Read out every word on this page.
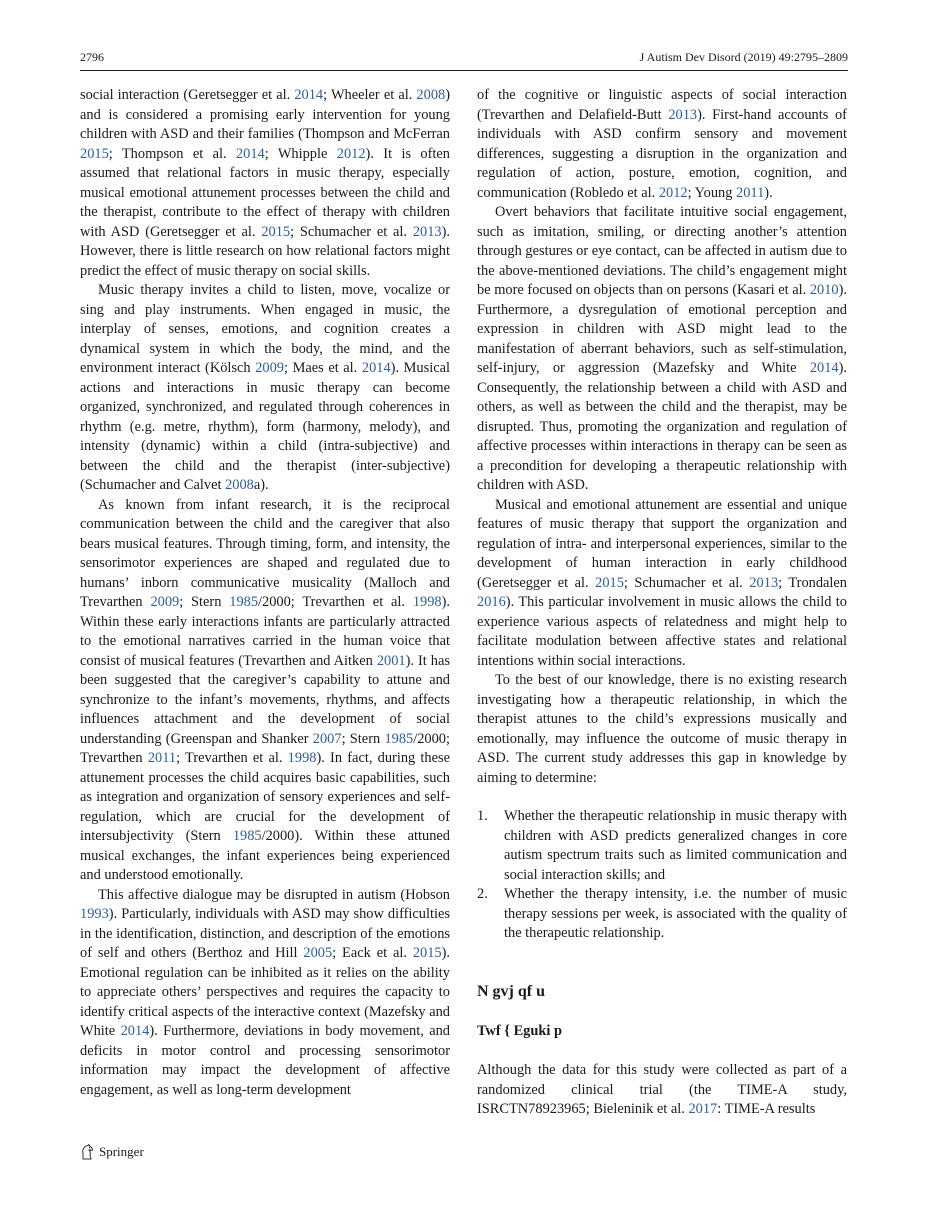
2796	J Autism Dev Disord (2019) 49:2795–2809

social interaction (Geretsegger et al. 2014; Wheeler et al. 2008) and is considered a promising early intervention for young children with ASD and their families (Thompson and McFerran 2015; Thompson et al. 2014; Whipple 2012). It is often assumed that relational factors in music therapy, especially musical emotional attunement processes between the child and the therapist, contribute to the effect of therapy with children with ASD (Geretsegger et al. 2015; Schumacher et al. 2013). However, there is little research on how relational factors might predict the effect of music therapy on social skills.

Music therapy invites a child to listen, move, vocalize or sing and play instruments. When engaged in music, the interplay of senses, emotions, and cognition creates a dynamical system in which the body, the mind, and the environment interact (Kölsch 2009; Maes et al. 2014). Musical actions and interactions in music therapy can become organized, synchronized, and regulated through coherences in rhythm (e.g. metre, rhythm), form (harmony, melody), and intensity (dynamic) within a child (intra-subjective) and between the child and the therapist (inter-subjective) (Schumacher and Calvet 2008a).

As known from infant research, it is the reciprocal communication between the child and the caregiver that also bears musical features. Through timing, form, and intensity, the sensorimotor experiences are shaped and regulated due to humans’ inborn communicative musicality (Malloch and Trevarthen 2009; Stern 1985/2000; Trevarthen et al. 1998). Within these early interactions infants are particularly attracted to the emotional narratives carried in the human voice that consist of musical features (Trevarthen and Aitken 2001). It has been suggested that the caregiver’s capability to attune and synchronize to the infant’s movements, rhythms, and affects influences attachment and the development of social understanding (Greenspan and Shanker 2007; Stern 1985/2000; Trevarthen 2011; Trevarthen et al. 1998). In fact, during these attunement processes the child acquires basic capabilities, such as integration and organization of sensory experiences and self-regulation, which are crucial for the development of intersubjectivity (Stern 1985/2000). Within these attuned musical exchanges, the infant experiences being experienced and understood emotionally.

This affective dialogue may be disrupted in autism (Hobson 1993). Particularly, individuals with ASD may show difficulties in the identification, distinction, and description of the emotions of self and others (Berthoz and Hill 2005; Eack et al. 2015). Emotional regulation can be inhibited as it relies on the ability to appreciate others’ perspectives and requires the capacity to identify critical aspects of the interactive context (Mazefsky and White 2014). Furthermore, deviations in body movement, and deficits in motor control and processing sensorimotor information may impact the development of affective engagement, as well as long-term development

of the cognitive or linguistic aspects of social interaction (Trevarthen and Delafield-Butt 2013). First-hand accounts of individuals with ASD confirm sensory and movement differences, suggesting a disruption in the organization and regulation of action, posture, emotion, cognition, and communication (Robledo et al. 2012; Young 2011).

Overt behaviors that facilitate intuitive social engagement, such as imitation, smiling, or directing another’s attention through gestures or eye contact, can be affected in autism due to the above-mentioned deviations. The child’s engagement might be more focused on objects than on persons (Kasari et al. 2010). Furthermore, a dysregulation of emotional perception and expression in children with ASD might lead to the manifestation of aberrant behaviors, such as self-stimulation, self-injury, or aggression (Mazefsky and White 2014). Consequently, the relationship between a child with ASD and others, as well as between the child and the therapist, may be disrupted. Thus, promoting the organization and regulation of affective processes within interactions in therapy can be seen as a precondition for developing a therapeutic relationship with children with ASD.

Musical and emotional attunement are essential and unique features of music therapy that support the organization and regulation of intra- and interpersonal experiences, similar to the development of human interaction in early childhood (Geretsegger et al. 2015; Schumacher et al. 2013; Trondalen 2016). This particular involvement in music allows the child to experience various aspects of relatedness and might help to facilitate modulation between affective states and relational intentions within social interactions.

To the best of our knowledge, there is no existing research investigating how a therapeutic relationship, in which the therapist attunes to the child’s expressions musically and emotionally, may influence the outcome of music therapy in ASD. The current study addresses this gap in knowledge by aiming to determine:

1. Whether the therapeutic relationship in music therapy with children with ASD predicts generalized changes in core autism spectrum traits such as limited communication and social interaction skills; and
2. Whether the therapy intensity, i.e. the number of music therapy sessions per week, is associated with the quality of the therapeutic relationship.
N gvj qf u
Twf { Eguki p

Although the data for this study were collected as part of a randomized clinical trial (the TIME-A study, ISRCTN78923965; Bieleninik et al. 2017: TIME-A results

Springer
